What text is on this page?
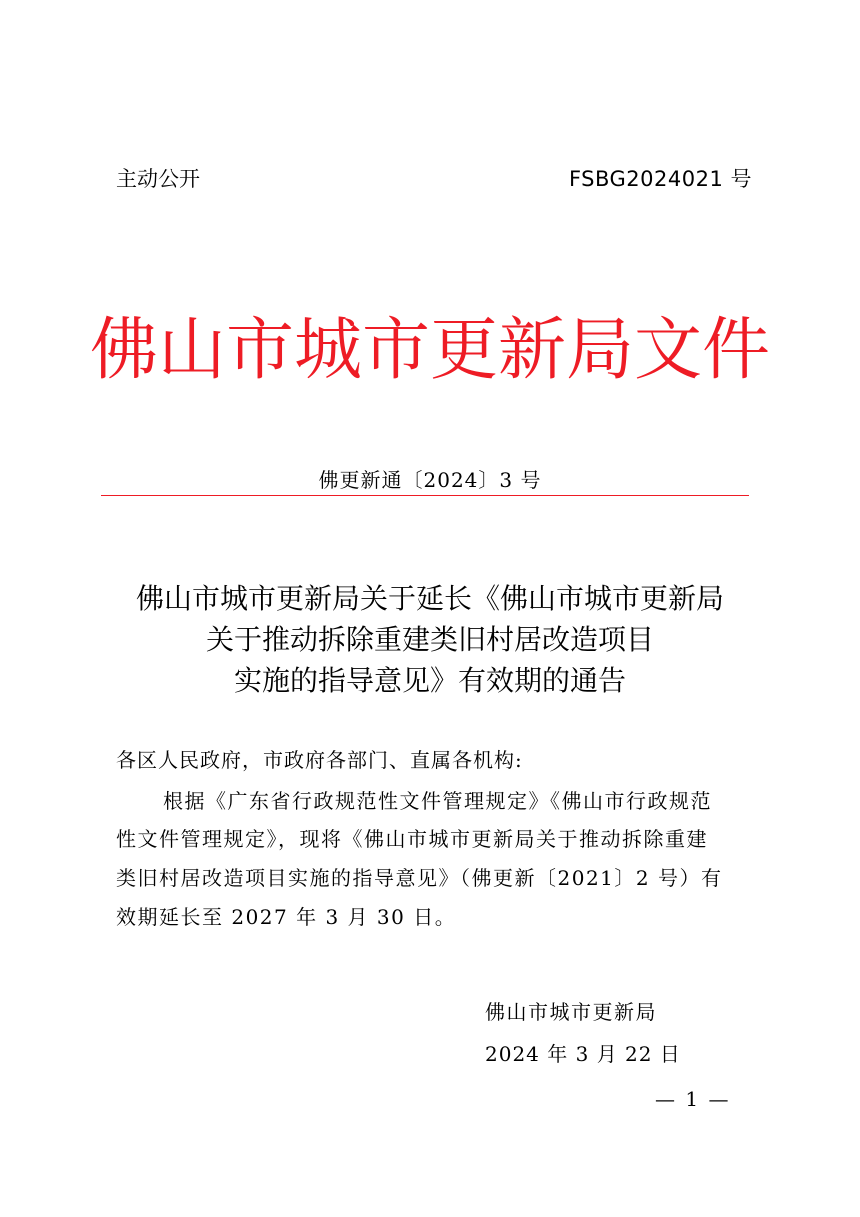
主动公开	FSBG2024021 号
佛山市城市更新局文件
佛更新通〔2024〕3 号
佛山市城市更新局关于延长《佛山市城市更新局
关于推动拆除重建类旧村居改造项目
实施的指导意见》有效期的通告
各区人民政府，市政府各部门、直属各机构:
根据《广东省行政规范性文件管理规定》《佛山市行政规范
性文件管理规定》，现将《佛山市城市更新局关于推动拆除重建
类旧村居改造项目实施的指导意见》（佛更新〔2021〕2 号）有
效期延长至 2027 年 3 月 30 日。
佛山市城市更新局
2024 年 3 月 22 日
— 1 —
